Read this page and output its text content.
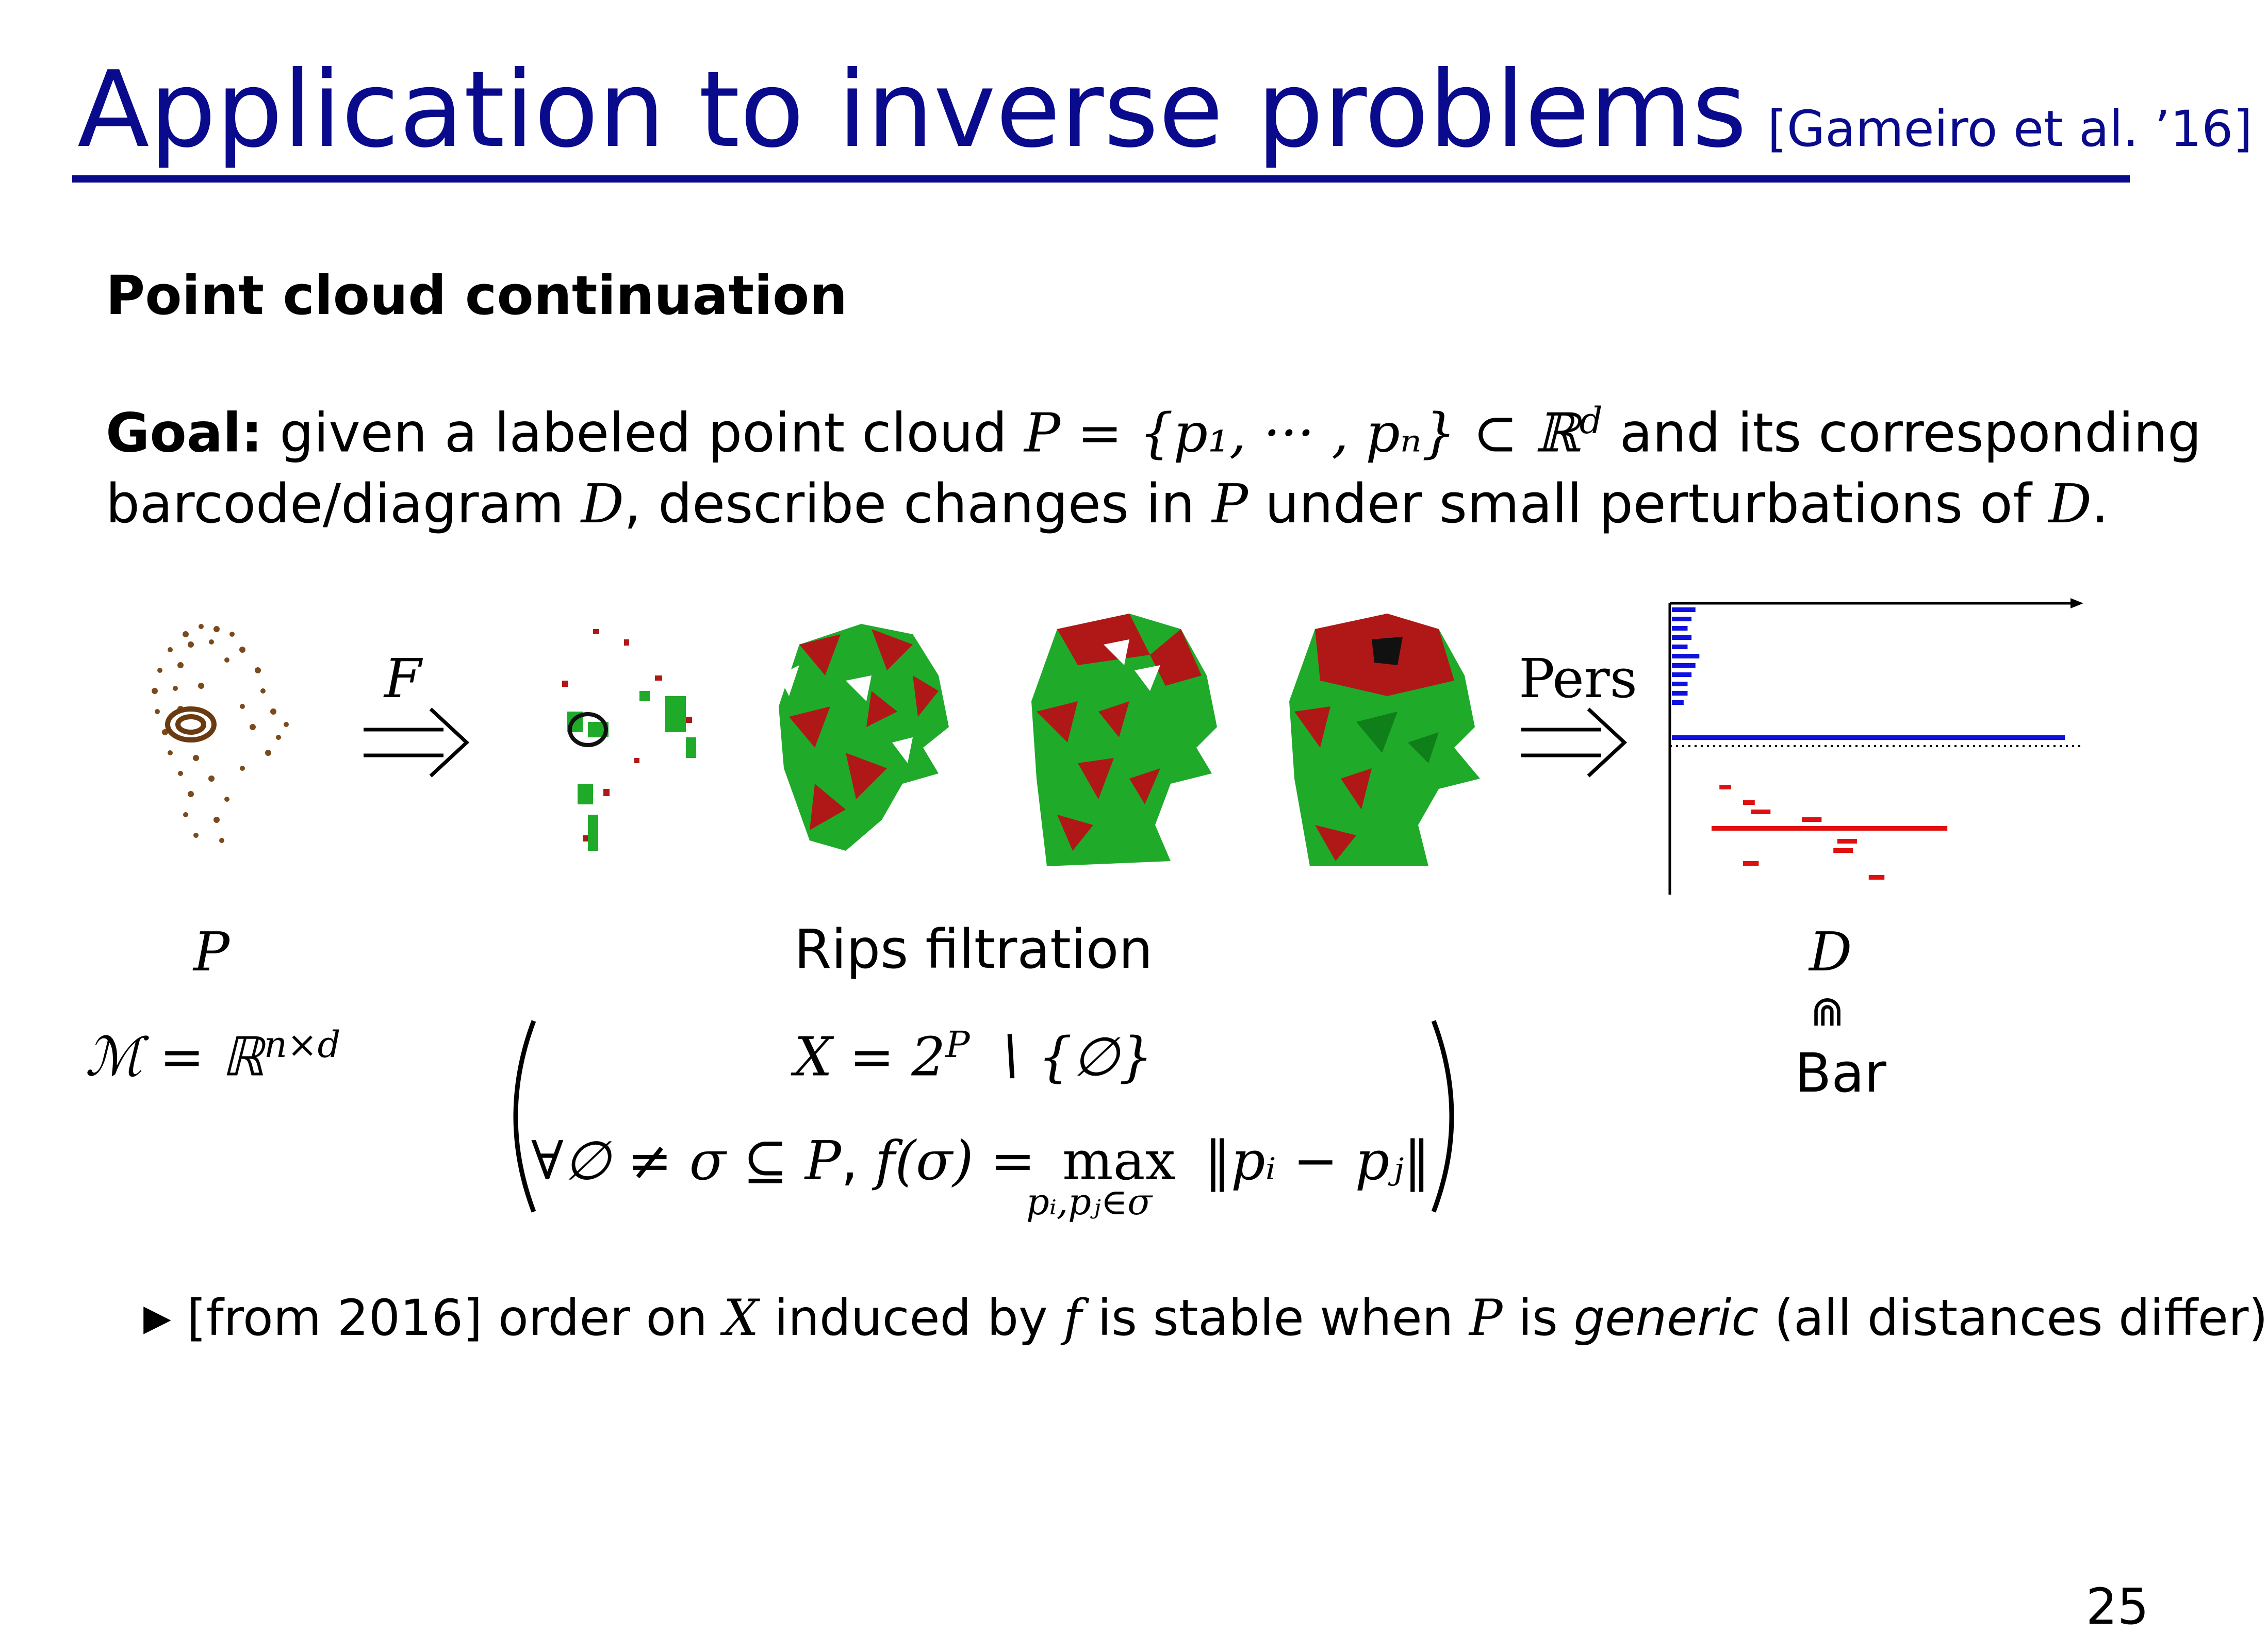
Application to inverse problems [Gameiro et al. ’16]
Point cloud continuation
Goal: given a labeled point cloud P = {p₁, ··· , pₙ} ⊂ ℝ$^d$ and its corresponding
barcode/diagram D, describe changes in P under small perturbations of D.
F	Pers
P	Rips filtration	D
⋒
Bar
ℳ = ℝ$^{n\times d}$	$X = 2^P$ ∖ {∅}
∀∅ ≠ σ ⊆ P, f(σ) = max
pᵢ,pⱼ∈σ
‖pᵢ − pⱼ‖
▶ [from 2016] order on X induced by f is stable when P is generic (all distances differ)
25
